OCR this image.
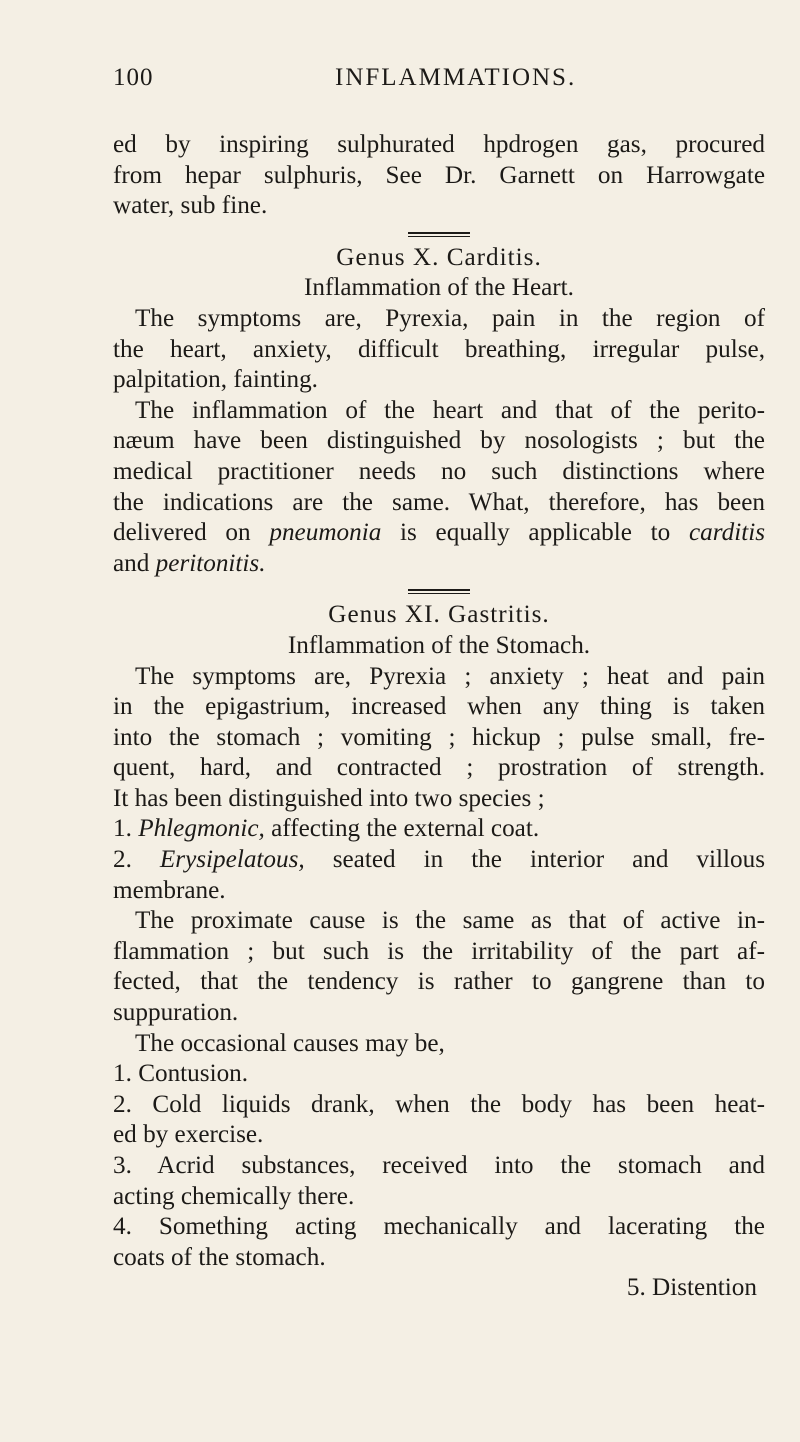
100	INFLAMMATIONS.
ed by inspiring sulphurated hpdrogen gas, procured
from hepar sulphuris, See Dr. Garnett on Harrowgate
water, sub fine.
Genus X. Carditis.
Inflammation of the Heart.
The symptoms are, Pyrexia, pain in the region of
the heart, anxiety, difficult breathing, irregular pulse,
palpitation, fainting.
The inflammation of the heart and that of the perito-
næum have been distinguished by nosologists ; but the
medical practitioner needs no such distinctions where
the indications are the same. What, therefore, has been
delivered on pneumonia is equally applicable to carditis
and peritonitis.
Genus XI. Gastritis.
Inflammation of the Stomach.
The symptoms are, Pyrexia ; anxiety ; heat and pain
in the epigastrium, increased when any thing is taken
into the stomach ; vomiting ; hickup ; pulse small, fre-
quent, hard, and contracted ; prostration of strength.
It has been distinguished into two species ;
1. Phlegmonic, affecting the external coat.
2. Erysipelatous, seated in the interior and villous
membrane.
The proximate cause is the same as that of active in-
flammation ; but such is the irritability of the part af-
fected, that the tendency is rather to gangrene than to
suppuration.
The occasional causes may be,
1. Contusion.
2. Cold liquids drank, when the body has been heat-
ed by exercise.
3. Acrid substances, received into the stomach and
acting chemically there.
4. Something acting mechanically and lacerating the
coats of the stomach.
5. Distention
